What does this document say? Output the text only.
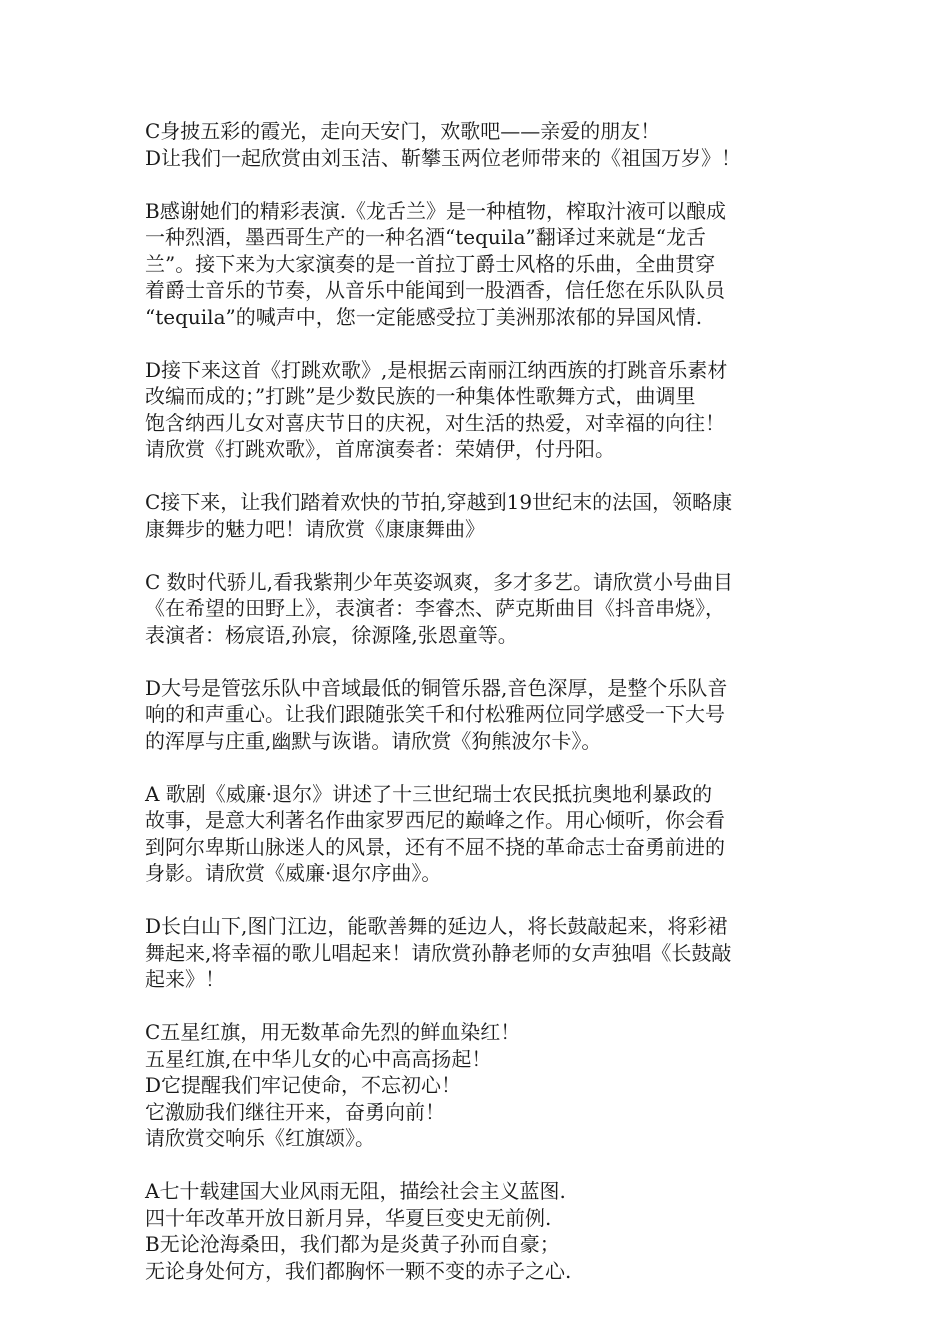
C身披五彩的霞光，走向天安门，欢歌吧——亲爱的朋友！
D让我们一起欣赏由刘玉洁、靳攀玉两位老师带来的《祖国万岁》！
B感谢她们的精彩表演.《龙舌兰》是一种植物，榨取汁液可以酿成
一种烈酒，墨西哥生产的一种名酒“tequila”翻译过来就是“龙舌
兰”。接下来为大家演奏的是一首拉丁爵士风格的乐曲，全曲贯穿
着爵士音乐的节奏，从音乐中能闻到一股酒香，信任您在乐队队员
“tequila”的喊声中，您一定能感受拉丁美洲那浓郁的异国风情.
D接下来这首《打跳欢歌》,是根据云南丽江纳西族的打跳音乐素材
改编而成的；”打跳”是少数民族的一种集体性歌舞方式，曲调里
饱含纳西儿女对喜庆节日的庆祝，对生活的热爱，对幸福的向往！
请欣赏《打跳欢歌》，首席演奏者：荣婧伊，付丹阳。
C接下来，让我们踏着欢快的节拍,穿越到19世纪末的法国，领略康
康舞步的魅力吧！请欣赏《康康舞曲》
C 数时代骄儿,看我紫荆少年英姿飒爽，多才多艺。请欣赏小号曲目
《在希望的田野上》，表演者：李睿杰、萨克斯曲目《抖音串烧》，
表演者：杨宸语,孙宸，徐源隆,张恩童等。
D大号是管弦乐队中音域最低的铜管乐器,音色深厚，是整个乐队音
响的和声重心。让我们跟随张笑千和付松雅两位同学感受一下大号
的浑厚与庄重,幽默与诙谐。请欣赏《狗熊波尔卡》。
A 歌剧《威廉·退尔》讲述了十三世纪瑞士农民抵抗奥地利暴政的
故事，是意大利著名作曲家罗西尼的巅峰之作。用心倾听，你会看
到阿尔卑斯山脉迷人的风景，还有不屈不挠的革命志士奋勇前进的
身影。请欣赏《威廉·退尔序曲》。
D长白山下,图门江边，能歌善舞的延边人，将长鼓敲起来，将彩裙
舞起来,将幸福的歌儿唱起来！请欣赏孙静老师的女声独唱《长鼓敲
起来》！
C五星红旗，用无数革命先烈的鲜血染红！
五星红旗,在中华儿女的心中高高扬起！
D它提醒我们牢记使命，不忘初心！
它激励我们继往开来，奋勇向前！
请欣赏交响乐《红旗颂》。
A七十载建国大业风雨无阻，描绘社会主义蓝图.
四十年改革开放日新月异，华夏巨变史无前例.
B无论沧海桑田，我们都为是炎黄子孙而自豪；
无论身处何方，我们都胸怀一颗不变的赤子之心.
